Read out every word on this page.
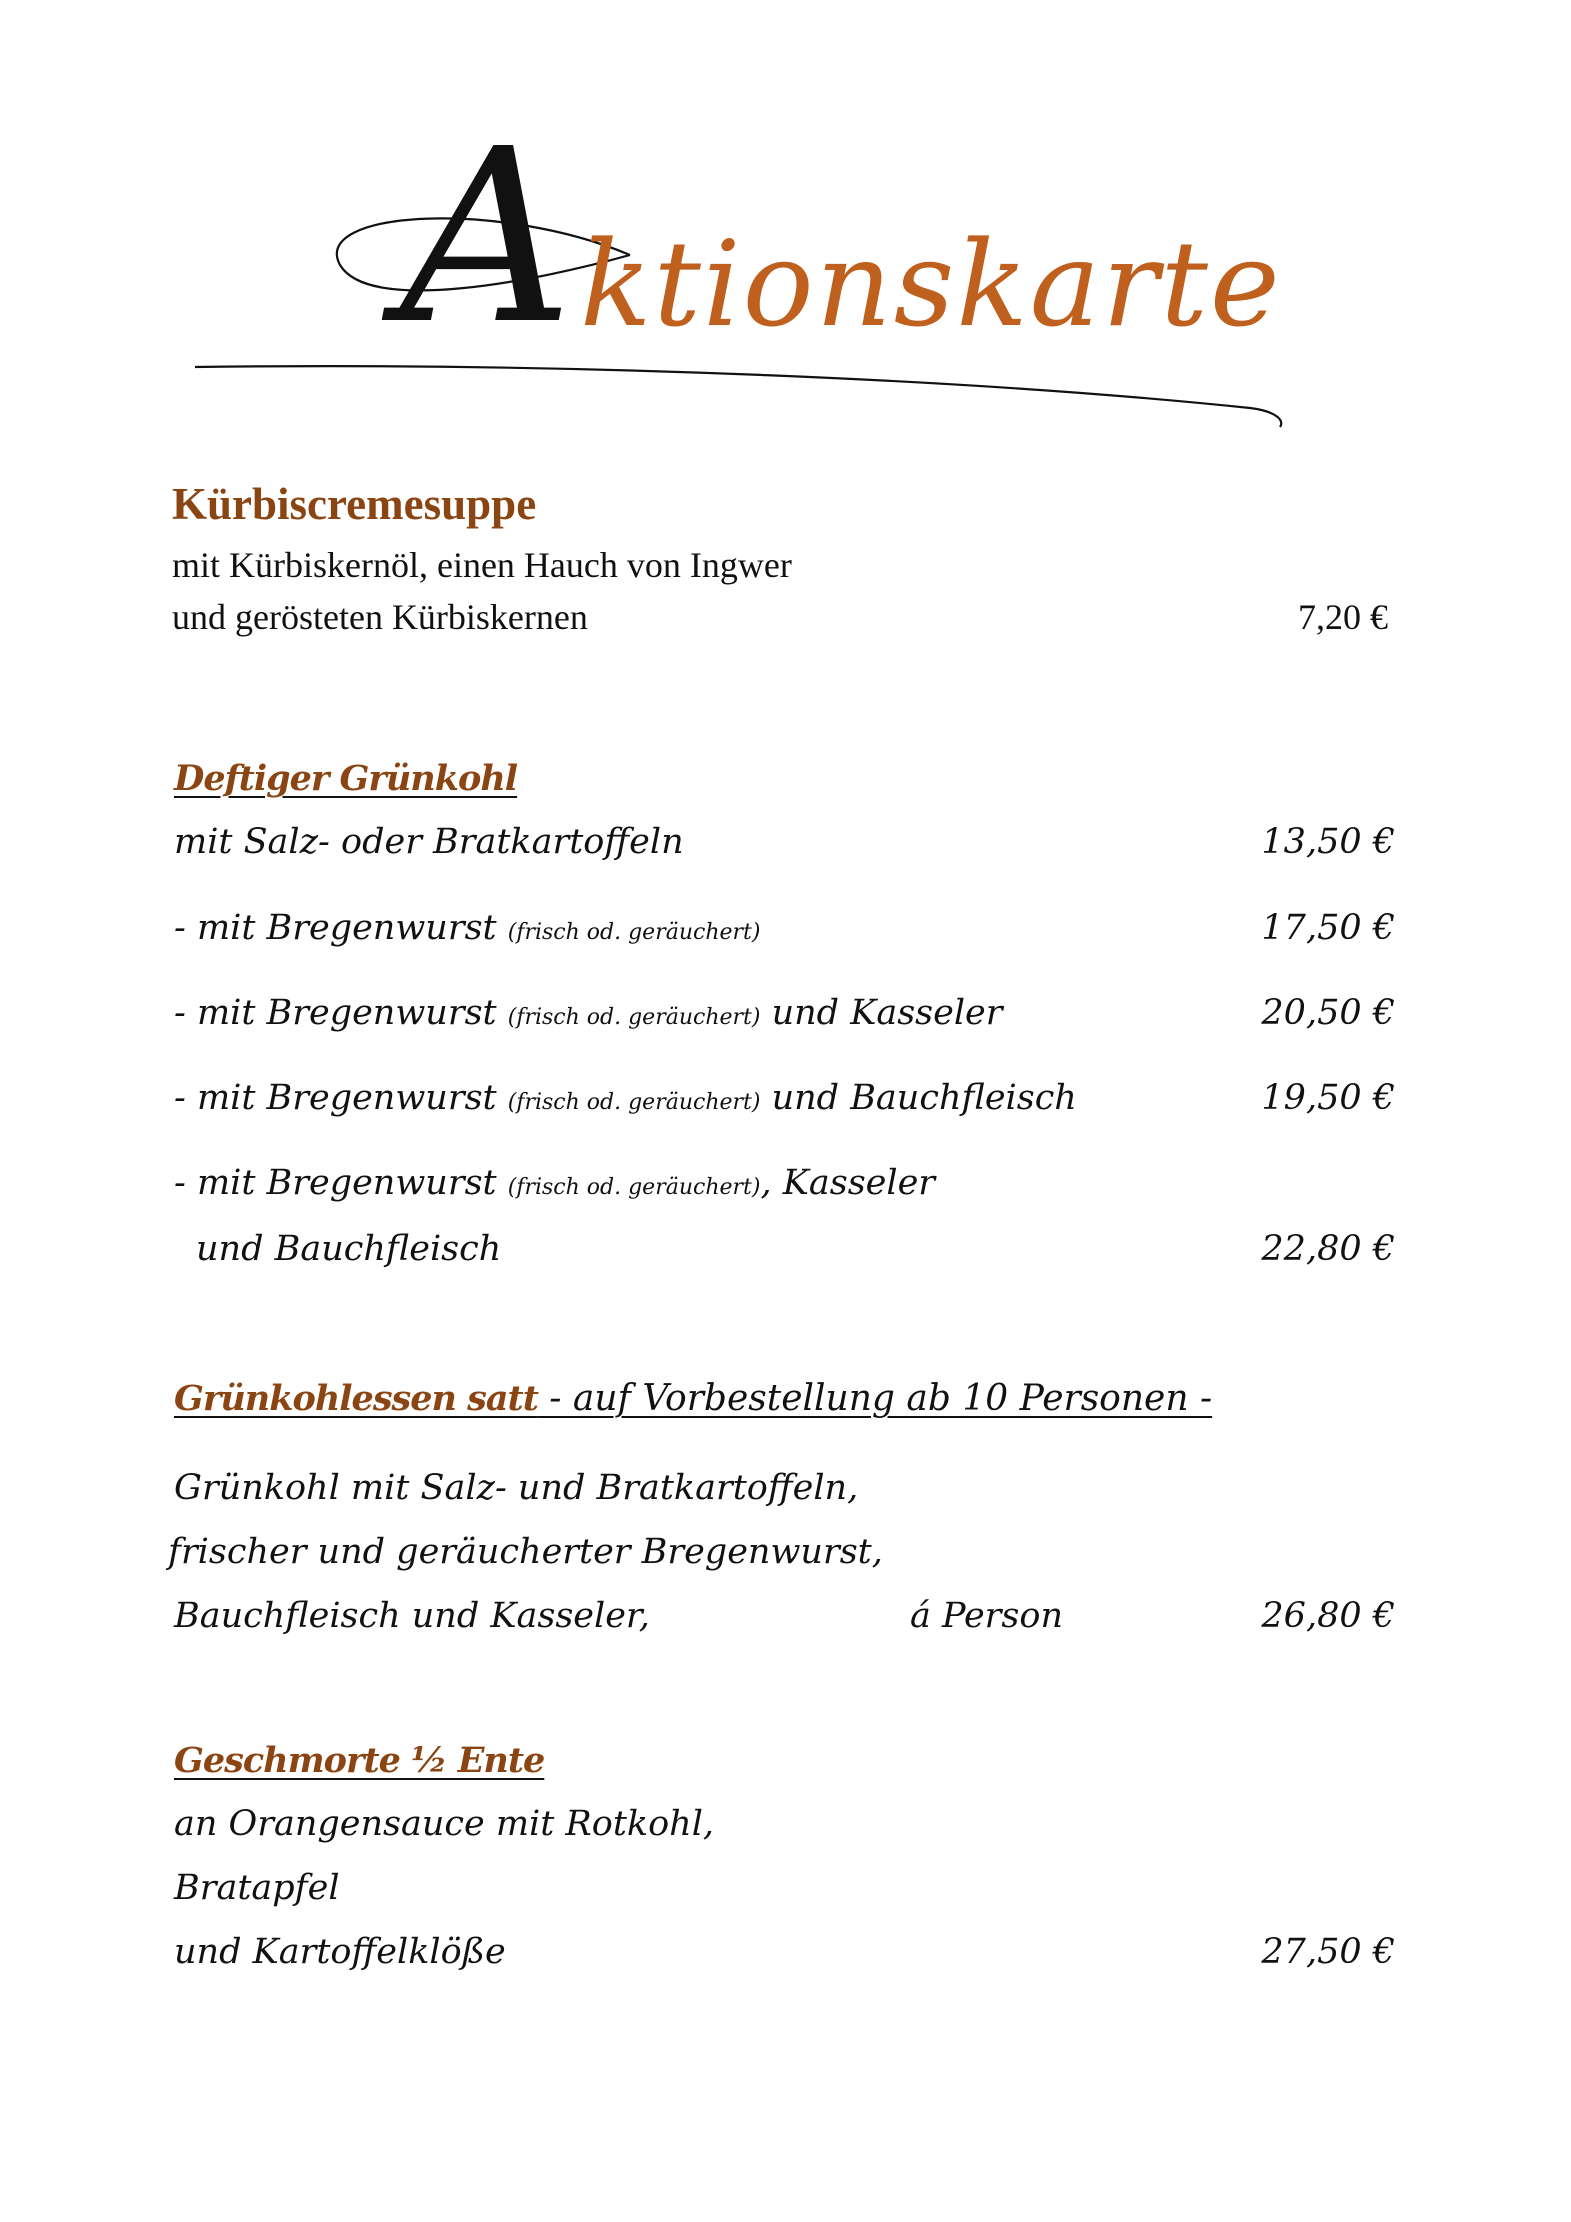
A ktionskarte
Kürbiscremesuppe
mit Kürbiskernöl, einen Hauch von Ingwer
und gerösteten Kürbiskernen	7,20 €
Deftiger Grünkohl
mit Salz- oder Bratkartoffeln	13,50 €
- mit Bregenwurst (frisch od. geräuchert)	17,50 €
- mit Bregenwurst (frisch od. geräuchert) und Kasseler	20,50 €
- mit Bregenwurst (frisch od. geräuchert) und Bauchfleisch	19,50 €
- mit Bregenwurst (frisch od. geräuchert), Kasseler
und Bauchfleisch	22,80 €
Grünkohlessen satt - auf Vorbestellung ab 10 Personen -
Grünkohl mit Salz- und Bratkartoffeln,
frischer und geräucherter Bregenwurst,
Bauchfleisch und Kasseler,	á Person	26,80 €
Geschmorte ½ Ente
an Orangensauce mit Rotkohl,
Bratapfel
und Kartoffelklöße	27,50 €
